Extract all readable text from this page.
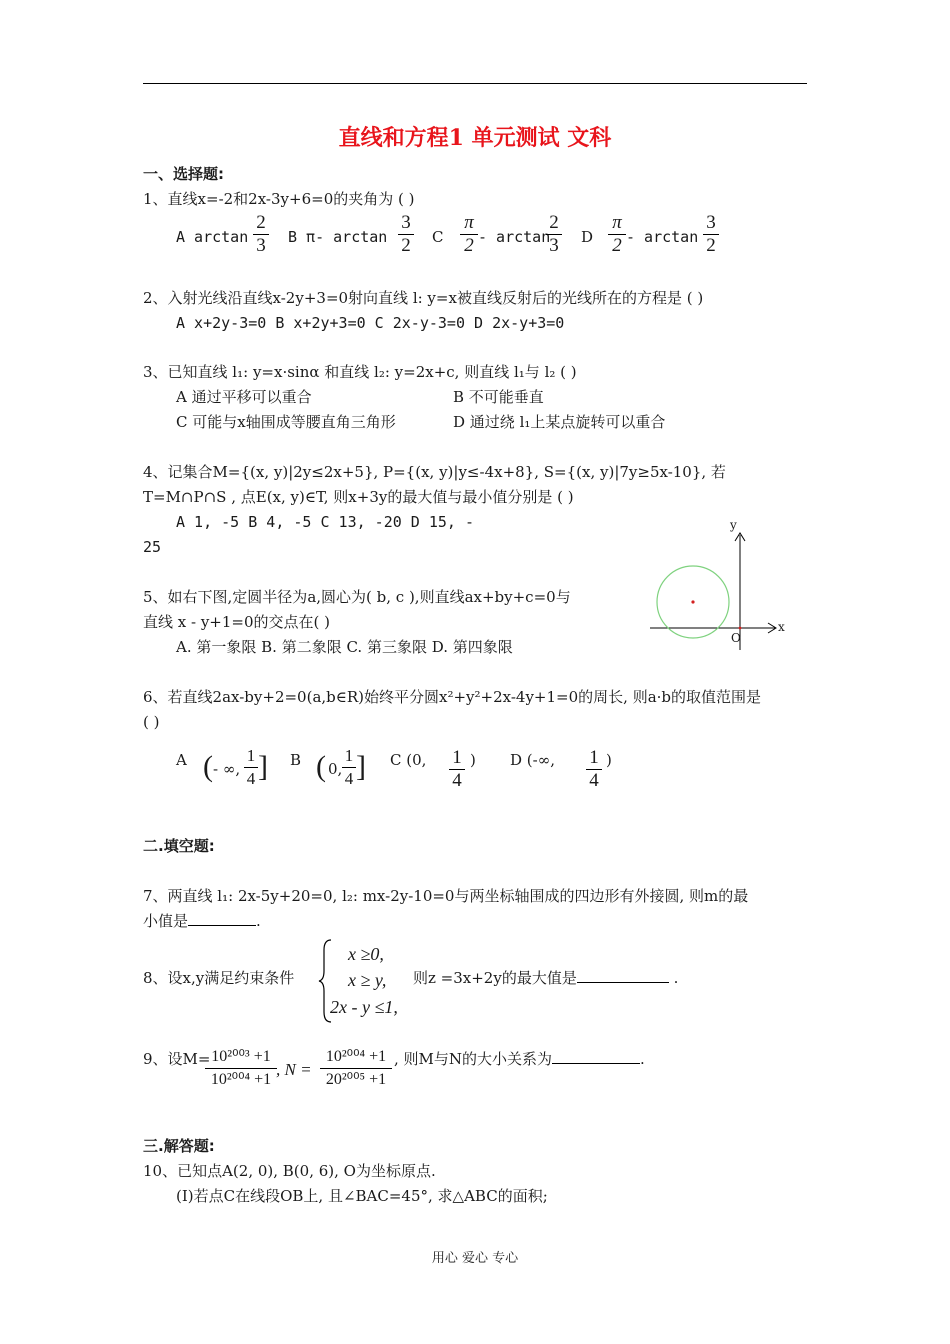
直线和方程1 单元测试 文科
一、选择题:
1、直线x=-2和2x-3y+6=0的夹角为 ( )
A arctan
2
3 B π- arctan
3
2 C
π
2 - arctan
2
3 D
π
2 - arctan
3
2
2、入射光线沿直线x-2y+3=0射向直线 l: y=x被直线反射后的光线所在的方程是 ( )
A x+2y-3=0 B x+2y+3=0 C 2x-y-3=0 D 2x-y+3=0
3、已知直线 l₁: y=x·sinα 和直线 l₂: y=2x+c, 则直线 l₁与 l₂ ( )
A 通过平移可以重合	B 不可能垂直
C 可能与x轴围成等腰直角三角形	D 通过绕 l₁上某点旋转可以重合
4、记集合M={(x, y)|2y≤2x+5}, P={(x, y)|y≤-4x+8}, S={(x, y)|7y≥5x-10}, 若
T=M∩P∩S , 点E(x, y)∈T, 则x+3y的最大值与最小值分别是 ( )
A 1, -5 B 4, -5 C 13, -20 D 15, -
25
y
x
O
5、如右下图,定圆半径为a,圆心为( b, c ),则直线ax+by+c=0与
直线 x - y+1=0的交点在( )
A. 第一象限 B. 第二象限 C. 第三象限 D. 第四象限
6、若直线2ax-by+2=0(a,b∈R)始终平分圆x²+y²+2x-4y+1=0的周长, 则a·b的取值范围是
( )
A ( - ∞,
1
4 ] B ( 0,
1
4 ] C (0, 1
4
) D (-∞, 1
4
)
二.填空题:
7、两直线 l₁: 2x-5y+20=0, l₂: mx-2y-10=0与两坐标轴围成的四边形有外接圆, 则m的最
小值是	.
8、设x,y满足约束条件
x ≥0,
x ≥ y,
2x - y ≤1,
则z =3x+2y的最大值是	.
9、设M= 10²⁰⁰³ +1
10²⁰⁰⁴ +1
, N =
10²⁰⁰⁴ +1
20²⁰⁰⁵ +1
, 则M与N的大小关系为	.
三.解答题:
10、已知点A(2, 0), B(0, 6), O为坐标原点.
(Ⅰ)若点C在线段OB上, 且∠BAC=45°, 求△ABC的面积;
用心 爱心 专心
